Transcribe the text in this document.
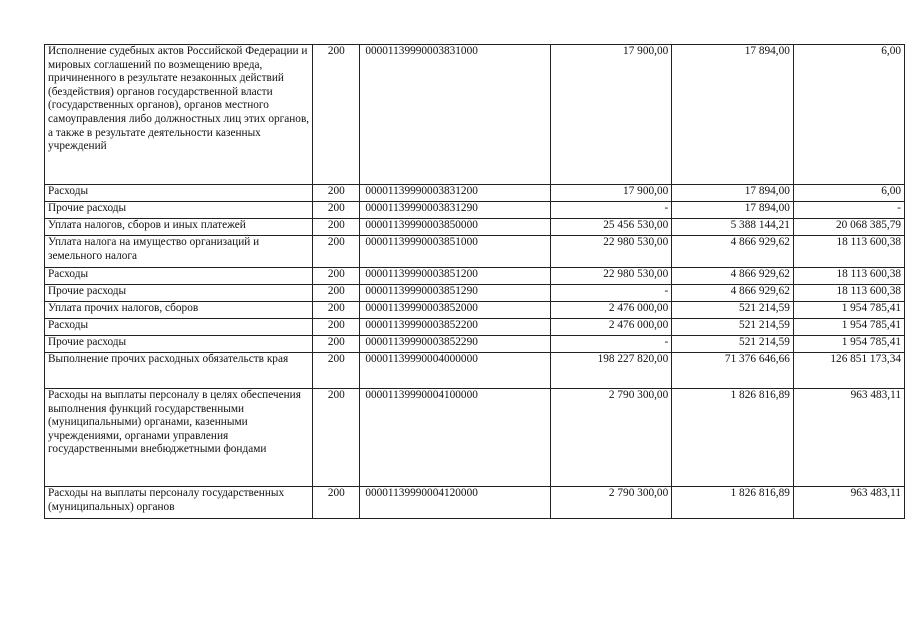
Исполнение судебных актов Российской Федерации и мировых соглашений по возмещению вреда, причиненного в результате незаконных действий (бездействия) органов государственной власти (государственных органов), органов местного самоуправления либо должностных лиц этих органов, а также в результате деятельности казенных учреждений	200	00001139990003831000	17 900,00	17 894,00	6,00
Расходы	200	00001139990003831200	17 900,00	17 894,00	6,00
Прочие расходы	200	00001139990003831290	-	17 894,00	-
Уплата налогов, сборов и иных платежей	200	00001139990003850000	25 456 530,00	5 388 144,21	20 068 385,79
Уплата налога на имущество организаций и земельного налога	200	00001139990003851000	22 980 530,00	4 866 929,62	18 113 600,38
Расходы	200	00001139990003851200	22 980 530,00	4 866 929,62	18 113 600,38
Прочие расходы	200	00001139990003851290	-	4 866 929,62	18 113 600,38
Уплата прочих налогов, сборов	200	00001139990003852000	2 476 000,00	521 214,59	1 954 785,41
Расходы	200	00001139990003852200	2 476 000,00	521 214,59	1 954 785,41
Прочие расходы	200	00001139990003852290	-	521 214,59	1 954 785,41
Выполнение прочих расходных обязательств края	200	00001139990004000000	198 227 820,00	71 376 646,66	126 851 173,34
Расходы на выплаты персоналу в целях обеспечения выполнения функций государственными (муниципальными) органами, казенными учреждениями, органами управления государственными внебюджетными фондами	200	00001139990004100000	2 790 300,00	1 826 816,89	963 483,11
Расходы на выплаты персоналу государственных (муниципальных) органов	200	00001139990004120000	2 790 300,00	1 826 816,89	963 483,11
